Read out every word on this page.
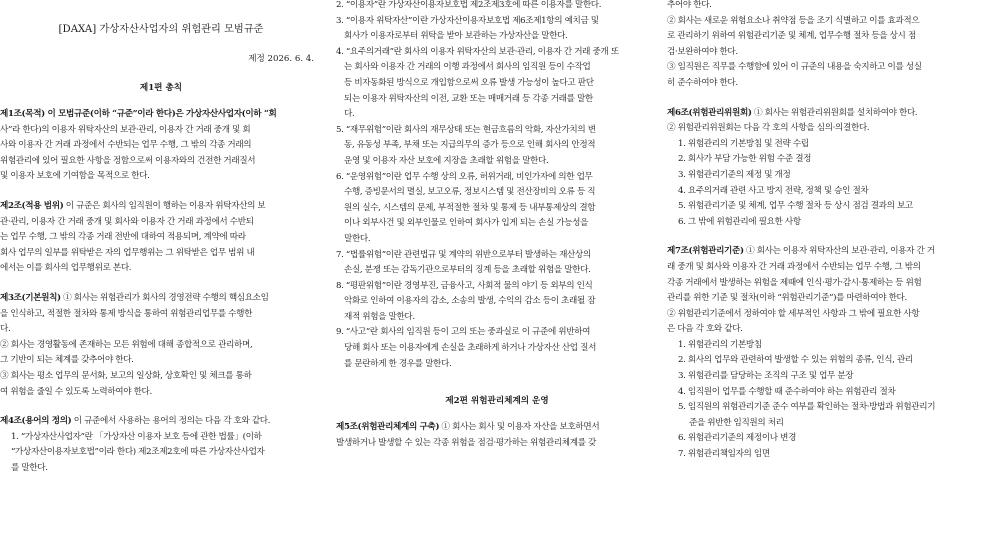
[DAXA] 가상자산사업자의 위험관리 모범규준
제정 2026. 6. 4.
제1편 총칙
제1조(목적) 이 모범규준(이하 “규준”이라 한다)은 가상자산사업자(이하 “회
사”라 한다)의 이용자 위탁자산의 보관·관리, 이용자 간 거래 중개 및 회
사와 이용자 간 거래 과정에서 수반되는 업무 수행, 그 밖의 각종 거래의
위험관리에 있어 필요한 사항을 정함으로써 이용자와의 건전한 거래질서
및 이용자 보호에 기여함을 목적으로 한다.
제2조(적용 범위) 이 규준은 회사의 임직원이 행하는 이용자 위탁자산의 보
관·관리, 이용자 간 거래 중개 및 회사와 이용자 간 거래 과정에서 수반되
는 업무 수행, 그 밖의 각종 거래 전반에 대하여 적용되며, 계약에 따라
회사 업무의 일부를 위탁받은 자의 업무행위는 그 위탁받은 업무 범위 내
에서는 이를 회사의 업무행위로 본다.
제3조(기본원칙) ① 회사는 위험관리가 회사의 경영전략 수행의 핵심요소임
을 인식하고, 적절한 절차와 통제 방식을 통하여 위험관리업무를 수행한
다.
② 회사는 경영활동에 존재하는 모든 위험에 대해 종합적으로 관리하며,
그 기반이 되는 체계를 갖추어야 한다.
③ 회사는 평소 업무의 문서화, 보고의 일상화, 상호확인 및 체크를 통하
여 위험을 줄일 수 있도록 노력하여야 한다.
제4조(용어의 정의) 이 규준에서 사용하는 용어의 정의는 다음 각 호와 같다.
1. “가상자산사업자”란 「가상자산 이용자 보호 등에 관한 법률」(이하
“가상자산이용자보호법”이라 한다) 제2조제2호에 따른 가상자산사업자
를 말한다.
2. “이용자”란 가상자산이용자보호법 제2조제3호에 따른 이용자를 말한다.
3. “이용자 위탁자산”이란 가상자산이용자보호법 제6조제1항의 예치금 및
회사가 이용자로부터 위탁을 받아 보관하는 가상자산을 말한다.
4. “요주의거래”란 회사의 이용자 위탁자산의 보관·관리, 이용자 간 거래 중개 또
는 회사와 이용자 간 거래의 이행 과정에서 회사의 임직원 등이 수작업
등 비자동화된 방식으로 개입함으로써 오류 발생 가능성이 높다고 판단
되는 이용자 위탁자산의 이전, 교환 또는 매매거래 등 각종 거래를 말한
다.
5. “재무위험”이란 회사의 재무상태 또는 현금흐름의 악화, 자산가치의 변
동, 유동성 부족, 부채 또는 지급의무의 증가 등으로 인해 회사의 안정적
운영 및 이용자 자산 보호에 지장을 초래할 위험을 말한다.
6. “운영위험”이란 업무 수행 상의 오류, 허위거래, 비인가자에 의한 업무
수행, 증빙문서의 멸실, 보고오류, 정보시스템 및 전산장비의 오류 등 직
원의 실수, 시스템의 문제, 부적절한 절차 및 통제 등 내부통제상의 결함
이나 외부사건 및 외부인물로 인하여 회사가 입게 되는 손실 가능성을
말한다.
7. “법률위험”이란 관련법규 및 계약의 위반으로부터 발생하는 재산상의
손실, 분쟁 또는 감독기관으로부터의 징계 등을 초래할 위험을 말한다.
8. “평판위험”이란 경영부진, 금융사고, 사회적 물의 야기 등 외부의 인식
악화로 인하여 이용자의 감소, 소송의 발생, 수익의 감소 등이 초래될 잠
재적 위험을 말한다.
9. “사고”란 회사의 임직원 등이 고의 또는 중과실로 이 규준에 위반하여
당해 회사 또는 이용자에게 손실을 초래하게 하거나 가상자산 산업 질서
를 문란하게 한 경우를 말한다.
제2편 위험관리체계의 운영
제5조(위험관리체계의 구축) ① 회사는 회사 및 이용자 자산을 보호하면서
발생하거나 발생할 수 있는 각종 위험을 점검·평가하는 위험관리체계를 갖
추어야 한다.
② 회사는 새로운 위험요소나 취약점 등을 조기 식별하고 이를 효과적으
로 관리하기 위하여 위험관리기준 및 체계, 업무수행 절차 등을 상시 점
검·보완하여야 한다.
③ 임직원은 직무를 수행함에 있어 이 규준의 내용을 숙지하고 이를 성실
히 준수하여야 한다.
제6조(위험관리위원회) ① 회사는 위험관리위원회를 설치하여야 한다.
② 위험관리위원회는 다음 각 호의 사항을 심의·의결한다.
1. 위험관리의 기본방침 및 전략 수립
2. 회사가 부담 가능한 위험 수준 결정
3. 위험관리기준의 제정 및 개정
4. 요주의거래 관련 사고 방지 전략, 정책 및 승인 절차
5. 위험관리기준 및 체계, 업무 수행 절차 등 상시 점검 결과의 보고
6. 그 밖에 위험관리에 필요한 사항
제7조(위험관리기준) ① 회사는 이용자 위탁자산의 보관·관리, 이용자 간 거
래 중개 및 회사와 이용자 간 거래 과정에서 수반되는 업무 수행, 그 밖의
각종 거래에서 발생하는 위험을 제때에 인식·평가·감시·통제하는 등 위험
관리를 위한 기준 및 절차(이하 “위험관리기준”)를 마련하여야 한다.
② 위험관리기준에서 정하여야 할 세부적인 사항과 그 밖에 필요한 사항
은 다음 각 호와 같다.
1. 위험관리의 기본방침
2. 회사의 업무와 관련하여 발생할 수 있는 위험의 종류, 인식, 관리
3. 위험관리를 담당하는 조직의 구조 및 업무 분장
4. 임직원이 업무를 수행할 때 준수하여야 하는 위험관리 절차
5. 임직원의 위험관리기준 준수 여부를 확인하는 절차·방법과 위험관리기
준을 위반한 임직원의 처리
6. 위험관리기준의 제정이나 변경
7. 위험관리책임자의 임면
